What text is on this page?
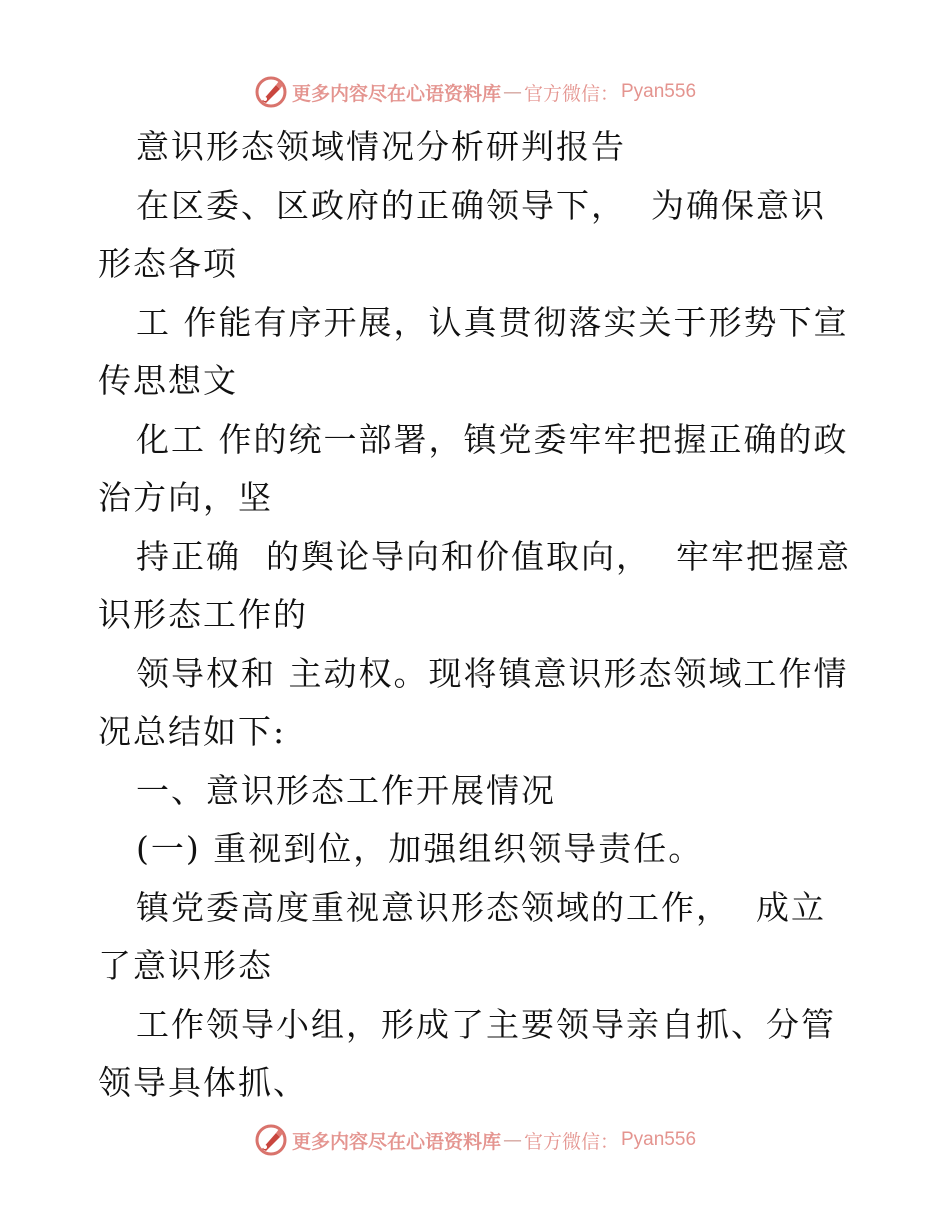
更多内容尽在心语资料库 — 官方微信： Pyan556

意识形态领域情况分析研判报告

在区委、区政府的正确领导下，  为确保意识形态各项

工 作能有序开展，认真贯彻落实关于形势下宣传思想文

化工 作的统一部署，镇党委牢牢把握正确的政治方向，坚

持正确  的舆论导向和价值取向，  牢牢把握意识形态工作的

领导权和 主动权。现将镇意识形态领域工作情况总结如下:

一、意识形态工作开展情况

(一) 重视到位，加强组织领导责任。

镇党委高度重视意识形态领域的工作，  成立了意识形态

工作领导小组，形成了主要领导亲自抓、分管领导具体抓、

更多内容尽在心语资料库 — 官方微信： Pyan556
